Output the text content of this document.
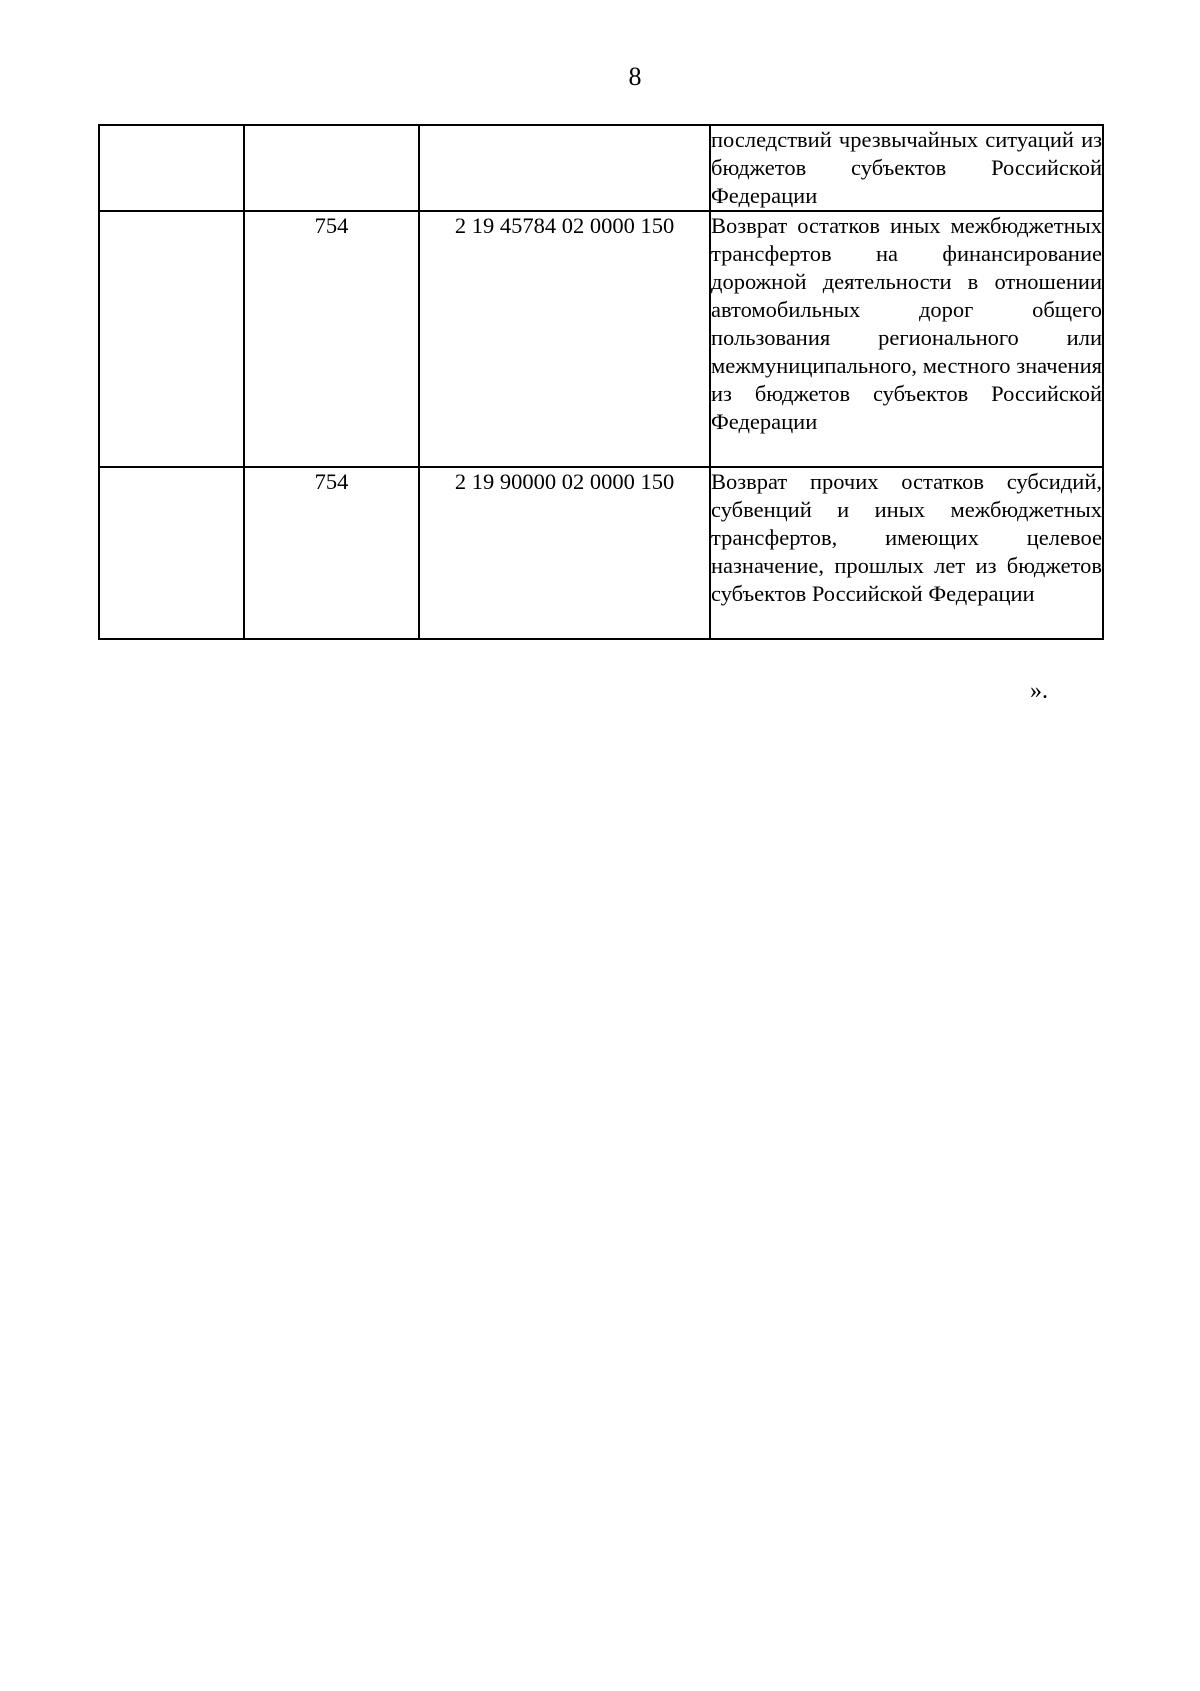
8
			последствий чрезвычайных ситуаций из бюджетов субъектов Российской Федерации
	754	2 19 45784 02 0000 150	Возврат остатков иных межбюджетных трансфертов на финансирование дорожной деятельности в отношении автомобильных дорог общего пользования регионального или межмуниципального, местного значения из бюджетов субъектов Российской Федерации
	754	2 19 90000 02 0000 150	Возврат прочих остатков субсидий, субвенций и иных межбюджетных трансфертов, имеющих целевое назначение, прошлых лет из бюджетов субъектов Российской Федерации
».
